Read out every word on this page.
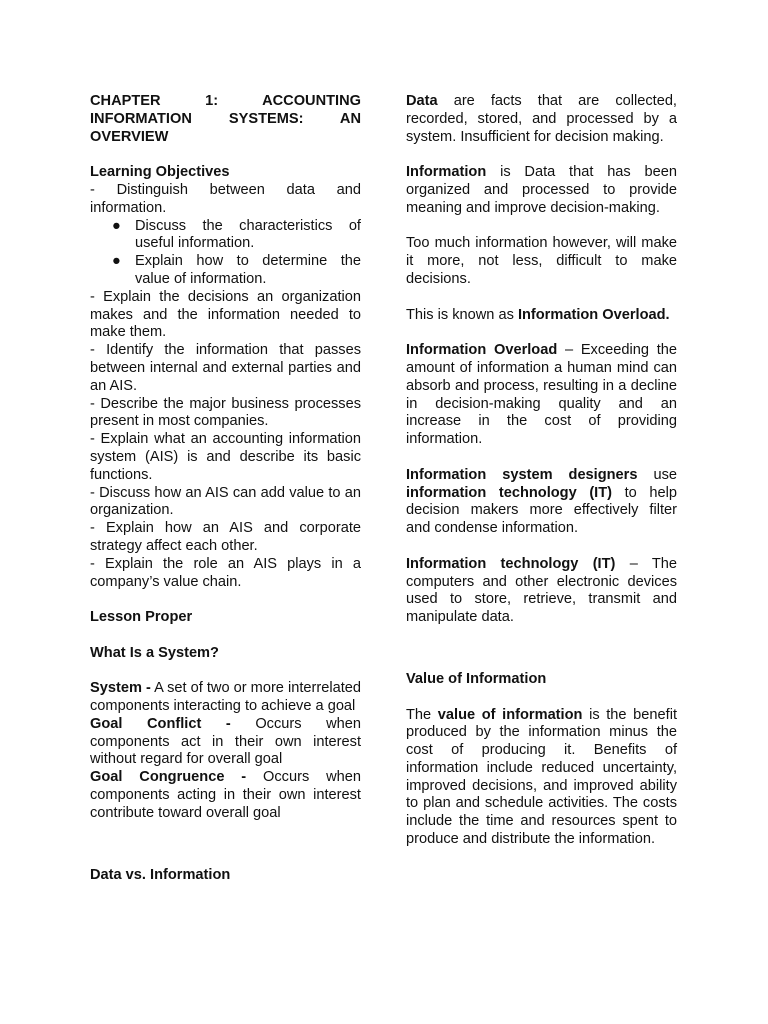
CHAPTER 1: ACCOUNTING INFORMATION SYSTEMS: AN OVERVIEW

Learning Objectives

- Distinguish between data and information.

● Discuss the characteristics of useful information.
● Explain how to determine the value of information.

- Explain the decisions an organization makes and the information needed to make them.

- Identify the information that passes between internal and external parties and an AIS.

- Describe the major business processes present in most companies.

- Explain what an accounting information system (AIS) is and describe its basic functions.

- Discuss how an AIS can add value to an organization.

- Explain how an AIS and corporate strategy affect each other.

- Explain the role an AIS plays in a company’s value chain.

Lesson Proper

What Is a System?

System - A set of two or more interrelated components interacting to achieve a goal

Goal Conflict - Occurs when components act in their own interest without regard for overall goal

Goal Congruence - Occurs when components acting in their own interest contribute toward overall goal

Data vs. Information

Data are facts that are collected, recorded, stored, and processed by a system. Insufficient for decision making.

Information is Data that has been organized and processed to provide meaning and improve decision-making.

Too much information however, will make it more, not less, difficult to make decisions.

This is known as Information Overload.

Information Overload – Exceeding the amount of information a human mind can absorb and process, resulting in a decline in decision-making quality and an increase in the cost of providing information.

Information system designers use information technology (IT) to help decision makers more effectively filter and condense information.

Information technology (IT) – The computers and other electronic devices used to store, retrieve, transmit and manipulate data.

Value of Information

The value of information is the benefit produced by the information minus the cost of producing it. Benefits of information include reduced uncertainty, improved decisions, and improved ability to plan and schedule activities. The costs include the time and resources spent to produce and distribute the information.
